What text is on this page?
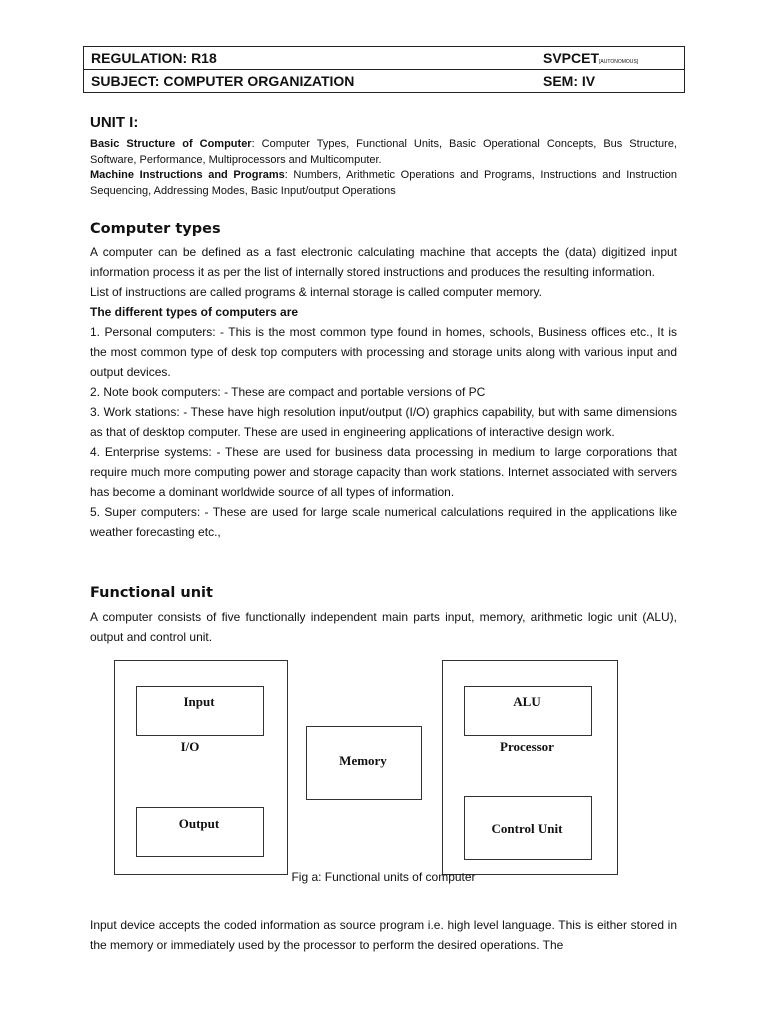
REGULATION: R18	SVPCET[AUTONOMOUS]
SUBJECT: COMPUTER ORGANIZATION	SEM: IV
UNIT I:
Basic Structure of Computer: Computer Types, Functional Units, Basic Operational Concepts, Bus Structure, Software, Performance, Multiprocessors and Multicomputer.
Machine Instructions and Programs: Numbers, Arithmetic Operations and Programs, Instructions and Instruction Sequencing, Addressing Modes, Basic Input/output Operations
Computer types

A computer can be defined as a fast electronic calculating machine that accepts the (data) digitized input information process it as per the list of internally stored instructions and produces the resulting information.

List of instructions are called programs & internal storage is called computer memory.

The different types of computers are

1. Personal computers: - This is the most common type found in homes, schools, Business offices etc., It is the most common type of desk top computers with processing and storage units along with various input and output devices.

2. Note book computers: - These are compact and portable versions of PC

3. Work stations: - These have high resolution input/output (I/O) graphics capability, but with same dimensions as that of desktop computer. These are used in engineering applications of interactive design work.

4. Enterprise systems: - These are used for business data processing in medium to large corporations that require much more computing power and storage capacity than work stations. Internet associated with servers has become a dominant worldwide source of all types of information.

5. Super computers: - These are used for large scale numerical calculations required in the applications like weather forecasting etc.,

Functional unit

A computer consists of five functionally independent main parts input, memory, arithmetic logic unit (ALU), output and control unit.

Input
I/O
Output
Memory
ALU
Processor
Control Unit
Fig a: Functional units of computer

Input device accepts the coded information as source program i.e. high level language. This is either stored in the memory or immediately used by the processor to perform the desired operations. The
